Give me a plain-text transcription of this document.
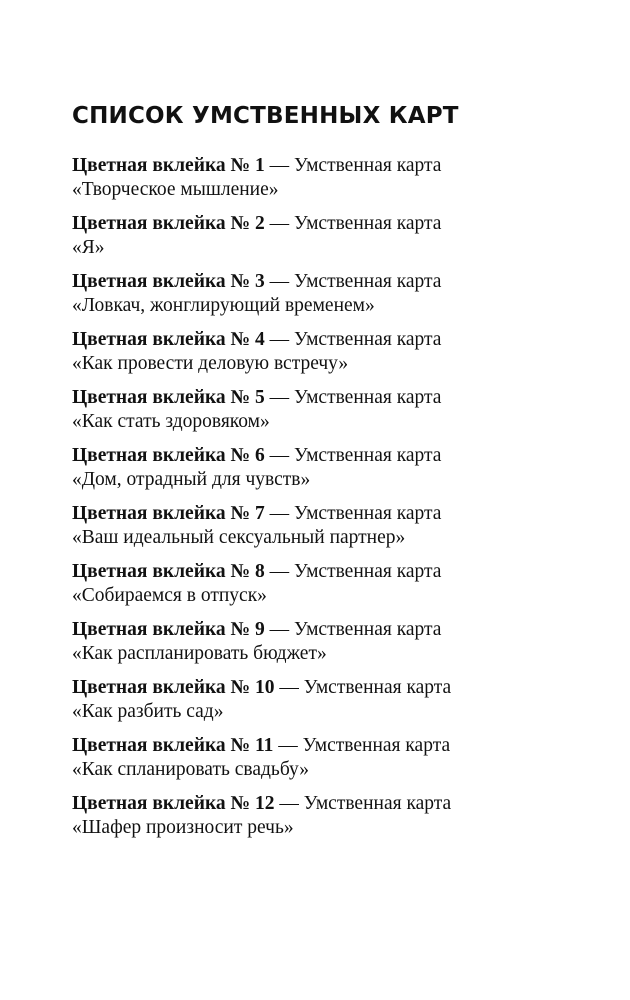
СПИСОК УМСТВЕННЫХ КАРТ
Цветная вклейка № 1 — Умственная карта
«Творческое мышление»
Цветная вклейка № 2 — Умственная карта
«Я»
Цветная вклейка № 3 — Умственная карта
«Ловкач, жонглирующий временем»
Цветная вклейка № 4 — Умственная карта
«Как провести деловую встречу»
Цветная вклейка № 5 — Умственная карта
«Как стать здоровяком»
Цветная вклейка № 6 — Умственная карта
«Дом, отрадный для чувств»
Цветная вклейка № 7 — Умственная карта
«Ваш идеальный сексуальный партнер»
Цветная вклейка № 8 — Умственная карта
«Собираемся в отпуск»
Цветная вклейка № 9 — Умственная карта
«Как распланировать бюджет»
Цветная вклейка № 10 — Умственная карта
«Как разбить сад»
Цветная вклейка № 11 — Умственная карта
«Как спланировать свадьбу»
Цветная вклейка № 12 — Умственная карта
«Шафер произносит речь»
